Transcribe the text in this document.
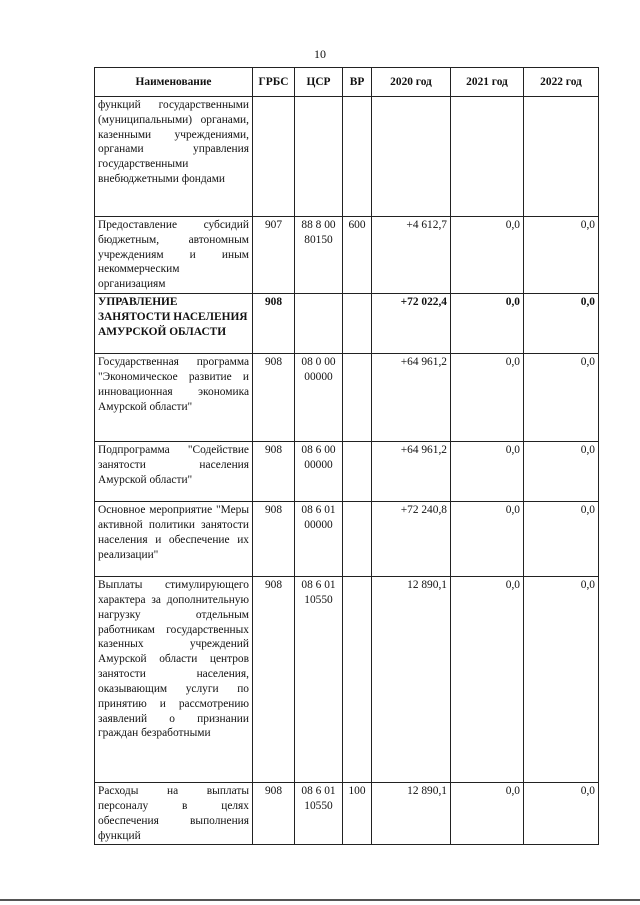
10
Наименование	ГРБС	ЦСР	ВР	2020 год	2021 год	2022 год
функций государственными (муниципальными) органами, казенными учреждениями, органами управления государственными внебюджетными фондами						
Предоставление субсидий бюджетным, автономным учреждениям и иным некоммерческим организациям	907	88 8 00 80150	600	+4 612,7	0,0	0,0
УПРАВЛЕНИЕ ЗАНЯТОСТИ НАСЕЛЕНИЯ АМУРСКОЙ ОБЛАСТИ	908			+72 022,4	0,0	0,0
Государственная программа "Экономическое развитие и инновационная экономика Амурской области"	908	08 0 00 00000		+64 961,2	0,0	0,0
Подпрограмма "Содействие занятости населения Амурской области"	908	08 6 00 00000		+64 961,2	0,0	0,0
Основное мероприятие "Меры активной политики занятости населения и обеспечение их реализации"	908	08 6 01 00000		+72 240,8	0,0	0,0
Выплаты стимулирующего характера за дополнительную нагрузку отдельным работникам государственных казенных учреждений Амурской области центров занятости населения, оказывающим услуги по принятию и рассмотрению заявлений о признании граждан безработными	908	08 6 01 10550		12 890,1	0,0	0,0
Расходы на выплаты персоналу в целях обеспечения выполнения функций	908	08 6 01 10550	100	12 890,1	0,0	0,0
